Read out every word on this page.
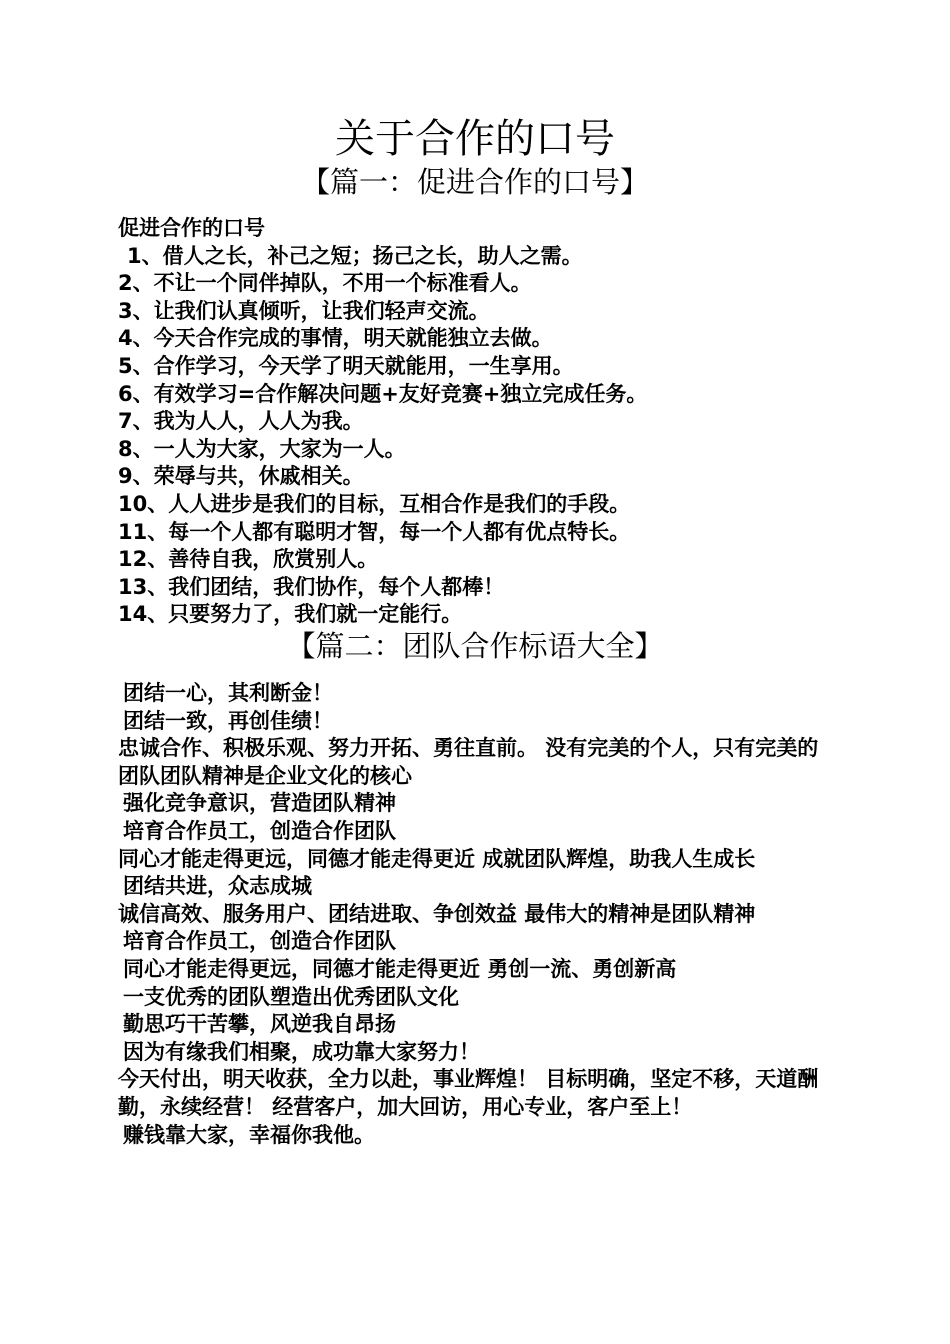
关于合作的口号
【篇一：促进合作的口号】

促进合作的口号

1、借人之长，补己之短；扬己之长，助人之需。

2、不让一个同伴掉队，不用一个标准看人。

3、让我们认真倾听，让我们轻声交流。

4、今天合作完成的事情，明天就能独立去做。

5、合作学习，今天学了明天就能用，一生享用。

6、有效学习=合作解决问题+友好竞赛+独立完成任务。

7、我为人人，人人为我。

8、一人为大家，大家为一人。

9、荣辱与共，休戚相关。

10、人人进步是我们的目标，互相合作是我们的手段。

11、每一个人都有聪明才智，每一个人都有优点特长。

12、善待自我，欣赏别人。

13、我们团结，我们协作，每个人都棒！

14、只要努力了，我们就一定能行。

【篇二：团队合作标语大全】

团结一心，其利断金！

团结一致，再创佳绩！

忠诚合作、积极乐观、努力开拓、勇往直前。 没有完美的个人，只有完美的团队团队精神是企业文化的核心

强化竞争意识，营造团队精神

培育合作员工，创造合作团队

同心才能走得更远，同德才能走得更近 成就团队辉煌，助我人生成长

团结共进，众志成城

诚信高效、服务用户、团结进取、争创效益 最伟大的精神是团队精神

培育合作员工，创造合作团队

同心才能走得更远，同德才能走得更近 勇创一流、勇创新高

一支优秀的团队塑造出优秀团队文化

勤思巧干苦攀，风逆我自昂扬

因为有缘我们相聚，成功靠大家努力！

今天付出，明天收获，全力以赴，事业辉煌！ 目标明确，坚定不移，天道酬勤，永续经营！ 经营客户，加大回访，用心专业，客户至上！

赚钱靠大家，幸福你我他。
